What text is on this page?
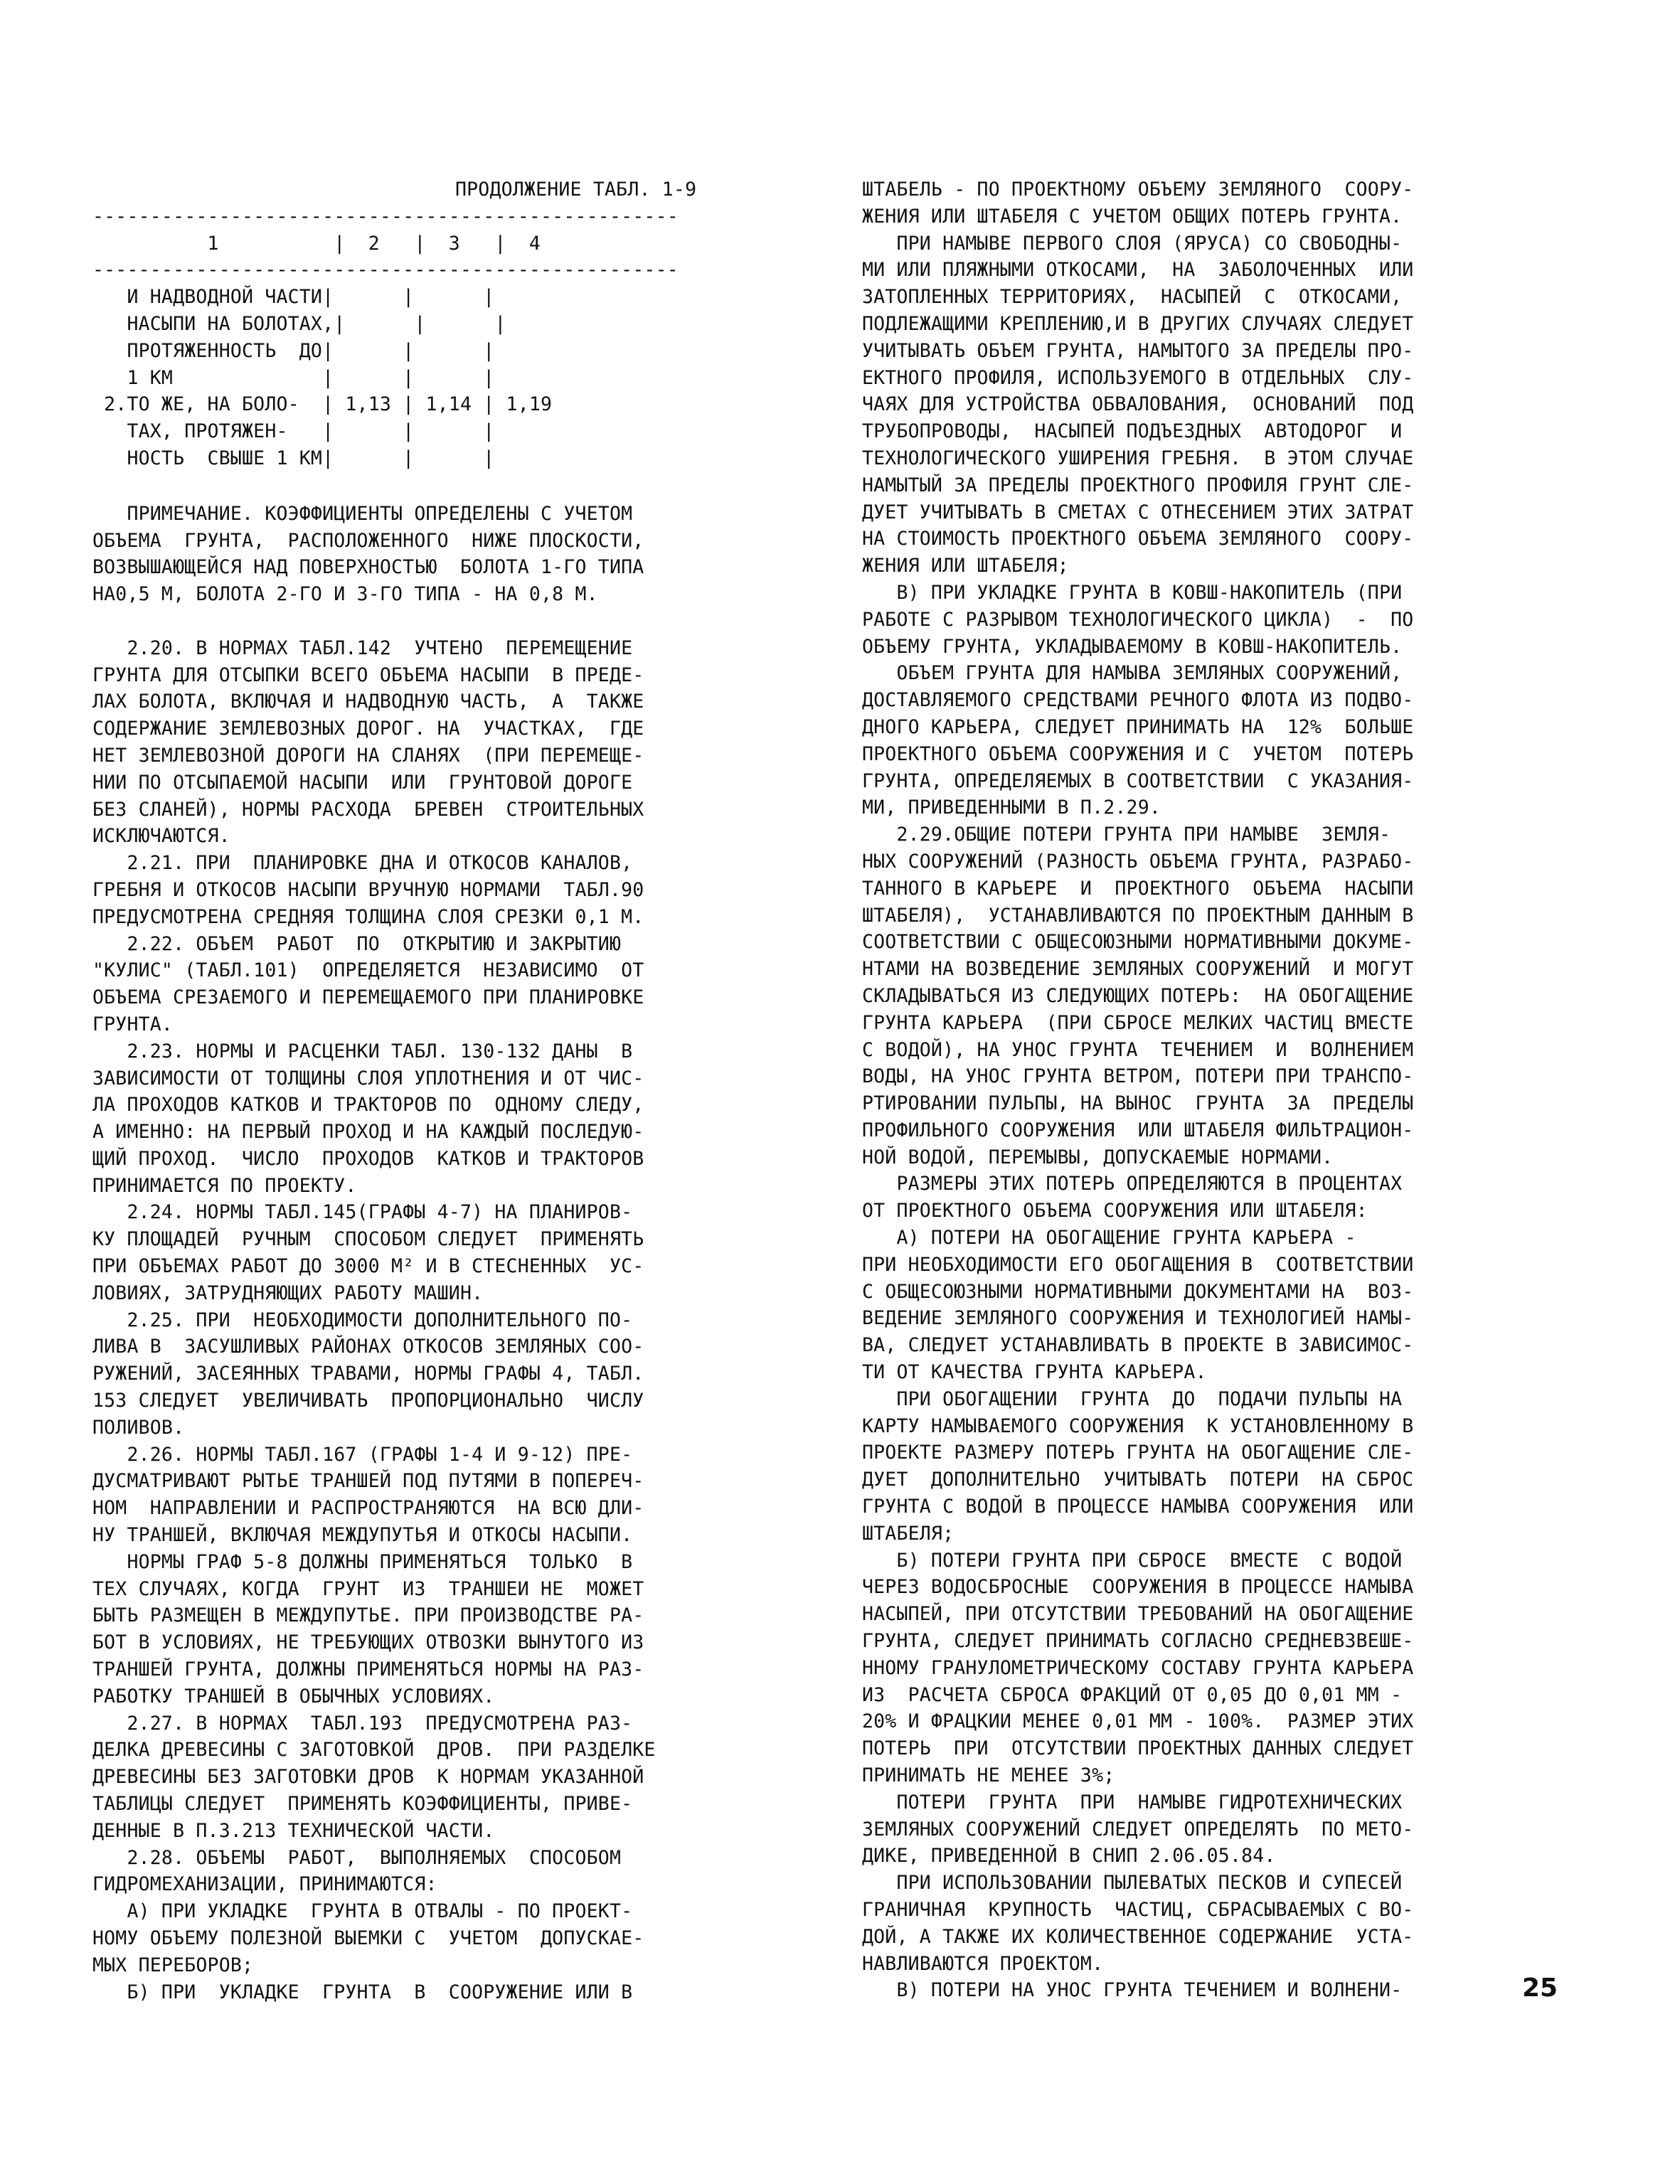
ПРОДОЛЖЕНИЕ ТАБЛ. 1-9
---------------------------------------------------
1          |  2   |  3   |  4
---------------------------------------------------
И НАДВОДНОЙ ЧАСТИ|      |      |
НАСЫПИ НА БОЛОТАХ,|      |      |
ПРОТЯЖЕННОСТЬ  ДО|      |      |
1 КМ             |      |      |
2.ТО ЖЕ, НА БОЛО-  | 1,13 | 1,14 | 1,19
ТАХ, ПРОТЯЖЕН-   |      |      |
НОСТЬ  СВЫШЕ 1 КМ|      |      |
ПРИМЕЧАНИЕ. КОЭФФИЦИЕНТЫ ОПРЕДЕЛЕНЫ С УЧЕТОМ
ОБЪЕМА  ГРУНТА,  РАСПОЛОЖЕННОГО  НИЖЕ ПЛОСКОСТИ,
ВОЗВЫШАЮЩЕЙСЯ НАД ПОВЕРХНОСТЬЮ  БОЛОТА 1-ГО ТИПА
НА0,5 М, БОЛОТА 2-ГО И 3-ГО ТИПА - НА 0,8 М.
2.20. В НОРМАХ ТАБЛ.142  УЧТЕНО  ПЕРЕМЕЩЕНИЕ
ГРУНТА ДЛЯ ОТСЫПКИ ВСЕГО ОБЪЕМА НАСЫПИ  В ПРЕДЕ-
ЛАХ БОЛОТА, ВКЛЮЧАЯ И НАДВОДНУЮ ЧАСТЬ,  А  ТАКЖЕ
СОДЕРЖАНИЕ ЗЕМЛЕВОЗНЫХ ДОРОГ. НА  УЧАСТКАХ,  ГДЕ
НЕТ ЗЕМЛЕВОЗНОЙ ДОРОГИ НА СЛАНЯХ  (ПРИ ПЕРЕМЕЩЕ-
НИИ ПО ОТСЫПАЕМОЙ НАСЫПИ  ИЛИ  ГРУНТОВОЙ ДОРОГЕ
БЕЗ СЛАНЕЙ), НОРМЫ РАСХОДА  БРЕВЕН  СТРОИТЕЛЬНЫХ
ИСКЛЮЧАЮТСЯ.
2.21. ПРИ  ПЛАНИРОВКЕ ДНА И ОТКОСОВ КАНАЛОВ,
ГРЕБНЯ И ОТКОСОВ НАСЫПИ ВРУЧНУЮ НОРМАМИ  ТАБЛ.90
ПРЕДУСМОТРЕНА СРЕДНЯЯ ТОЛЩИНА СЛОЯ СРЕЗКИ 0,1 М.
2.22. ОБЪЕМ  РАБОТ  ПО  ОТКРЫТИЮ И ЗАКРЫТИЮ
"КУЛИС" (ТАБЛ.101)  ОПРЕДЕЛЯЕТСЯ  НЕЗАВИСИМО  ОТ
ОБЪЕМА СРЕЗАЕМОГО И ПЕРЕМЕЩАЕМОГО ПРИ ПЛАНИРОВКЕ
ГРУНТА.
2.23. НОРМЫ И РАСЦЕНКИ ТАБЛ. 130-132 ДАНЫ  В
ЗАВИСИМОСТИ ОТ ТОЛЩИНЫ СЛОЯ УПЛОТНЕНИЯ И ОТ ЧИС-
ЛА ПРОХОДОВ КАТКОВ И ТРАКТОРОВ ПО  ОДНОМУ СЛЕДУ,
А ИМЕННО: НА ПЕРВЫЙ ПРОХОД И НА КАЖДЫЙ ПОСЛЕДУЮ-
ЩИЙ ПРОХОД.  ЧИСЛО  ПРОХОДОВ  КАТКОВ И ТРАКТОРОВ
ПРИНИМАЕТСЯ ПО ПРОЕКТУ.
2.24. НОРМЫ ТАБЛ.145(ГРАФЫ 4-7) НА ПЛАНИРОВ-
КУ ПЛОЩАДЕЙ  РУЧНЫМ  СПОСОБОМ СЛЕДУЕТ  ПРИМЕНЯТЬ
ПРИ ОБЪЕМАХ РАБОТ ДО 3000 М² И В СТЕСНЕННЫХ  УС-
ЛОВИЯХ, ЗАТРУДНЯЮЩИХ РАБОТУ МАШИН.
2.25. ПРИ  НЕОБХОДИМОСТИ ДОПОЛНИТЕЛЬНОГО ПО-
ЛИВА В  ЗАСУШЛИВЫХ РАЙОНАХ ОТКОСОВ ЗЕМЛЯНЫХ СОО-
РУЖЕНИЙ, ЗАСЕЯННЫХ ТРАВАМИ, НОРМЫ ГРАФЫ 4, ТАБЛ.
153 СЛЕДУЕТ  УВЕЛИЧИВАТЬ  ПРОПОРЦИОНАЛЬНО  ЧИСЛУ
ПОЛИВОВ.
2.26. НОРМЫ ТАБЛ.167 (ГРАФЫ 1-4 И 9-12) ПРЕ-
ДУСМАТРИВАЮТ РЫТЬЕ ТРАНШЕЙ ПОД ПУТЯМИ В ПОПЕРЕЧ-
НОМ  НАПРАВЛЕНИИ И РАСПРОСТРАНЯЮТСЯ  НА ВСЮ ДЛИ-
НУ ТРАНШЕЙ, ВКЛЮЧАЯ МЕЖДУПУТЬЯ И ОТКОСЫ НАСЫПИ.
НОРМЫ ГРАФ 5-8 ДОЛЖНЫ ПРИМЕНЯТЬСЯ  ТОЛЬКО  В
ТЕХ СЛУЧАЯХ, КОГДА  ГРУНТ  ИЗ  ТРАНШЕИ НЕ  МОЖЕТ
БЫТЬ РАЗМЕЩЕН В МЕЖДУПУТЬЕ. ПРИ ПРОИЗВОДСТВЕ РА-
БОТ В УСЛОВИЯХ, НЕ ТРЕБУЮЩИХ ОТВОЗКИ ВЫНУТОГО ИЗ
ТРАНШЕЙ ГРУНТА, ДОЛЖНЫ ПРИМЕНЯТЬСЯ НОРМЫ НА РАЗ-
РАБОТКУ ТРАНШЕЙ В ОБЫЧНЫХ УСЛОВИЯХ.
2.27. В НОРМАХ  ТАБЛ.193  ПРЕДУСМОТРЕНА РАЗ-
ДЕЛКА ДРЕВЕСИНЫ С ЗАГОТОВКОЙ  ДРОВ.  ПРИ РАЗДЕЛКЕ
ДРЕВЕСИНЫ БЕЗ ЗАГОТОВКИ ДРОВ  К НОРМАМ УКАЗАННОЙ
ТАБЛИЦЫ СЛЕДУЕТ  ПРИМЕНЯТЬ КОЭФФИЦИЕНТЫ, ПРИВЕ-
ДЕННЫЕ В П.3.213 ТЕХНИЧЕСКОЙ ЧАСТИ.
2.28. ОБЪЕМЫ  РАБОТ,  ВЫПОЛНЯЕМЫХ  СПОСОБОМ
ГИДРОМЕХАНИЗАЦИИ, ПРИНИМАЮТСЯ:
А) ПРИ УКЛАДКЕ  ГРУНТА В ОТВАЛЫ - ПО ПРОЕКТ-
НОМУ ОБЪЕМУ ПОЛЕЗНОЙ ВЫЕМКИ С  УЧЕТОМ  ДОПУСКАЕ-
МЫХ ПЕРЕБОРОВ;
Б) ПРИ  УКЛАДКЕ  ГРУНТА  В  СООРУЖЕНИЕ ИЛИ В
ШТАБЕЛЬ - ПО ПРОЕКТНОМУ ОБЪЕМУ ЗЕМЛЯНОГО  СООРУ-
ЖЕНИЯ ИЛИ ШТАБЕЛЯ С УЧЕТОМ ОБЩИХ ПОТЕРЬ ГРУНТА.
ПРИ НАМЫВЕ ПЕРВОГО СЛОЯ (ЯРУСА) СО СВОБОДНЫ-
МИ ИЛИ ПЛЯЖНЫМИ ОТКОСАМИ,  НА  ЗАБОЛОЧЕННЫХ  ИЛИ
ЗАТОПЛЕННЫХ ТЕРРИТОРИЯХ,  НАСЫПЕЙ  С  ОТКОСАМИ,
ПОДЛЕЖАЩИМИ КРЕПЛЕНИЮ,И В ДРУГИХ СЛУЧАЯХ СЛЕДУЕТ
УЧИТЫВАТЬ ОБЪЕМ ГРУНТА, НАМЫТОГО ЗА ПРЕДЕЛЫ ПРО-
ЕКТНОГО ПРОФИЛЯ, ИСПОЛЬЗУЕМОГО В ОТДЕЛЬНЫХ  СЛУ-
ЧАЯХ ДЛЯ УСТРОЙСТВА ОБВАЛОВАНИЯ,  ОСНОВАНИЙ  ПОД
ТРУБОПРОВОДЫ,  НАСЫПЕЙ ПОДЪЕЗДНЫХ  АВТОДОРОГ  И
ТЕХНОЛОГИЧЕСКОГО УШИРЕНИЯ ГРЕБНЯ.  В ЭТОМ СЛУЧАЕ
НАМЫТЫЙ ЗА ПРЕДЕЛЫ ПРОЕКТНОГО ПРОФИЛЯ ГРУНТ СЛЕ-
ДУЕТ УЧИТЫВАТЬ В СМЕТАХ С ОТНЕСЕНИЕМ ЭТИХ ЗАТРАТ
НА СТОИМОСТЬ ПРОЕКТНОГО ОБЪЕМА ЗЕМЛЯНОГО  СООРУ-
ЖЕНИЯ ИЛИ ШТАБЕЛЯ;
В) ПРИ УКЛАДКЕ ГРУНТА В КОВШ-НАКОПИТЕЛЬ (ПРИ
РАБОТЕ С РАЗРЫВОМ ТЕХНОЛОГИЧЕСКОГО ЦИКЛА)  -  ПО
ОБЪЕМУ ГРУНТА, УКЛАДЫВАЕМОМУ В КОВШ-НАКОПИТЕЛЬ.
ОБЪЕМ ГРУНТА ДЛЯ НАМЫВА ЗЕМЛЯНЫХ СООРУЖЕНИЙ,
ДОСТАВЛЯЕМОГО СРЕДСТВАМИ РЕЧНОГО ФЛОТА ИЗ ПОДВО-
ДНОГО КАРЬЕРА, СЛЕДУЕТ ПРИНИМАТЬ НА  12%  БОЛЬШЕ
ПРОЕКТНОГО ОБЪЕМА СООРУЖЕНИЯ И С  УЧЕТОМ  ПОТЕРЬ
ГРУНТА, ОПРЕДЕЛЯЕМЫХ В СООТВЕТСТВИИ  С УКАЗАНИЯ-
МИ, ПРИВЕДЕННЫМИ В П.2.29.
2.29.ОБЩИЕ ПОТЕРИ ГРУНТА ПРИ НАМЫВЕ  ЗЕМЛЯ-
НЫХ СООРУЖЕНИЙ (РАЗНОСТЬ ОБЪЕМА ГРУНТА, РАЗРАБО-
ТАННОГО В КАРЬЕРЕ  И  ПРОЕКТНОГО  ОБЪЕМА  НАСЫПИ
ШТАБЕЛЯ),  УСТАНАВЛИВАЮТСЯ ПО ПРОЕКТНЫМ ДАННЫМ В
СООТВЕТСТВИИ С ОБЩЕСОЮЗНЫМИ НОРМАТИВНЫМИ ДОКУМЕ-
НТАМИ НА ВОЗВЕДЕНИЕ ЗЕМЛЯНЫХ СООРУЖЕНИЙ  И МОГУТ
СКЛАДЫВАТЬСЯ ИЗ СЛЕДУЮЩИХ ПОТЕРЬ:  НА ОБОГАЩЕНИЕ
ГРУНТА КАРЬЕРА  (ПРИ СБРОСЕ МЕЛКИХ ЧАСТИЦ ВМЕСТЕ
С ВОДОЙ), НА УНОС ГРУНТА  ТЕЧЕНИЕМ  И  ВОЛНЕНИЕМ
ВОДЫ, НА УНОС ГРУНТА ВЕТРОМ, ПОТЕРИ ПРИ ТРАНСПО-
РТИРОВАНИИ ПУЛЬПЫ, НА ВЫНОС  ГРУНТА  ЗА  ПРЕДЕЛЫ
ПРОФИЛЬНОГО СООРУЖЕНИЯ  ИЛИ ШТАБЕЛЯ ФИЛЬТРАЦИОН-
НОЙ ВОДОЙ, ПЕРЕМЫВЫ, ДОПУСКАЕМЫЕ НОРМАМИ.
РАЗМЕРЫ ЭТИХ ПОТЕРЬ ОПРЕДЕЛЯЮТСЯ В ПРОЦЕНТАХ
ОТ ПРОЕКТНОГО ОБЪЕМА СООРУЖЕНИЯ ИЛИ ШТАБЕЛЯ:
А) ПОТЕРИ НА ОБОГАЩЕНИЕ ГРУНТА КАРЬЕРА -
ПРИ НЕОБХОДИМОСТИ ЕГО ОБОГАЩЕНИЯ В  СООТВЕТСТВИИ
С ОБЩЕСОЮЗНЫМИ НОРМАТИВНЫМИ ДОКУМЕНТАМИ НА  ВОЗ-
ВЕДЕНИЕ ЗЕМЛЯНОГО СООРУЖЕНИЯ И ТЕХНОЛОГИЕЙ НАМЫ-
ВА, СЛЕДУЕТ УСТАНАВЛИВАТЬ В ПРОЕКТЕ В ЗАВИСИМОС-
ТИ ОТ КАЧЕСТВА ГРУНТА КАРЬЕРА.
ПРИ ОБОГАЩЕНИИ  ГРУНТА  ДО  ПОДАЧИ ПУЛЬПЫ НА
КАРТУ НАМЫВАЕМОГО СООРУЖЕНИЯ  К УСТАНОВЛЕННОМУ В
ПРОЕКТЕ РАЗМЕРУ ПОТЕРЬ ГРУНТА НА ОБОГАЩЕНИЕ СЛЕ-
ДУЕТ  ДОПОЛНИТЕЛЬНО  УЧИТЫВАТЬ  ПОТЕРИ  НА СБРОС
ГРУНТА С ВОДОЙ В ПРОЦЕССЕ НАМЫВА СООРУЖЕНИЯ  ИЛИ
ШТАБЕЛЯ;
Б) ПОТЕРИ ГРУНТА ПРИ СБРОСЕ  ВМЕСТЕ  С ВОДОЙ
ЧЕРЕЗ ВОДОСБРОСНЫЕ  СООРУЖЕНИЯ В ПРОЦЕССЕ НАМЫВА
НАСЫПЕЙ, ПРИ ОТСУТСТВИИ ТРЕБОВАНИЙ НА ОБОГАЩЕНИЕ
ГРУНТА, СЛЕДУЕТ ПРИНИМАТЬ СОГЛАСНО СРЕДНЕВЗВЕШЕ-
ННОМУ ГРАНУЛОМЕТРИЧЕСКОМУ СОСТАВУ ГРУНТА КАРЬЕРА
ИЗ  РАСЧЕТА СБРОСА ФРАКЦИЙ ОТ 0,05 ДО 0,01 ММ -
20% И ФРАЦКИИ МЕНЕЕ 0,01 ММ - 100%.  РАЗМЕР ЭТИХ
ПОТЕРЬ  ПРИ  ОТСУТСТВИИ ПРОЕКТНЫХ ДАННЫХ СЛЕДУЕТ
ПРИНИМАТЬ НЕ МЕНЕЕ 3%;
ПОТЕРИ  ГРУНТА  ПРИ  НАМЫВЕ ГИДРОТЕХНИЧЕСКИХ
ЗЕМЛЯНЫХ СООРУЖЕНИЙ СЛЕДУЕТ ОПРЕДЕЛЯТЬ  ПО МЕТО-
ДИКЕ, ПРИВЕДЕННОЙ В СНИП 2.06.05.84.
ПРИ ИСПОЛЬЗОВАНИИ ПЫЛЕВАТЫХ ПЕСКОВ И СУПЕСЕЙ
ГРАНИЧНАЯ  КРУПНОСТЬ  ЧАСТИЦ, СБРАСЫВАЕМЫХ С ВО-
ДОЙ, А ТАКЖЕ ИХ КОЛИЧЕСТВЕННОЕ СОДЕРЖАНИЕ  УСТА-
НАВЛИВАЮТСЯ ПРОЕКТОМ.
В) ПОТЕРИ НА УНОС ГРУНТА ТЕЧЕНИЕМ И ВОЛНЕНИ-	25
